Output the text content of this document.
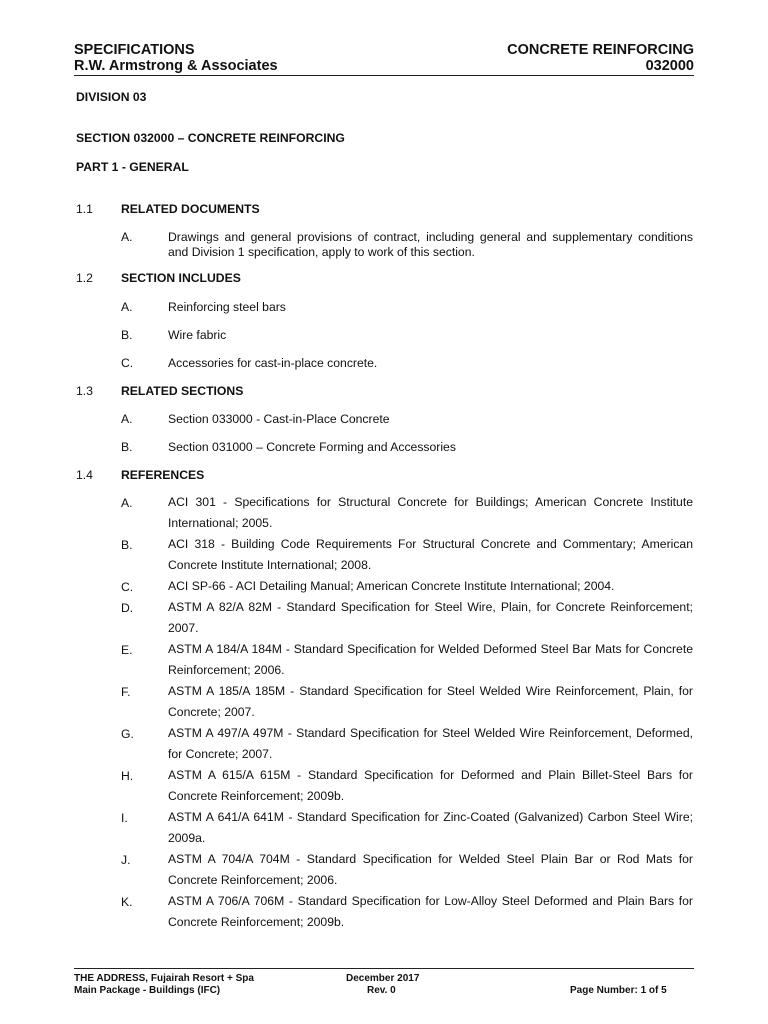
SPECIFICATIONS	CONCRETE REINFORCING
R.W. Armstrong & Associates	032000
DIVISION 03
SECTION 032000 – CONCRETE REINFORCING
PART 1 - GENERAL
1.1 RELATED DOCUMENTS
A.	Drawings and general provisions of contract, including general and supplementary conditions and Division 1 specification, apply to work of this section.
1.2 SECTION INCLUDES
A.	Reinforcing steel bars
B.	Wire fabric
C.	Accessories for cast-in-place concrete.
1.3 RELATED SECTIONS
A.	Section 033000 - Cast-in-Place Concrete
B.	Section 031000 – Concrete Forming and Accessories
1.4 REFERENCES
A.	ACI 301 - Specifications for Structural Concrete for Buildings; American Concrete Institute International; 2005.
B.	ACI 318 - Building Code Requirements For Structural Concrete and Commentary; American Concrete Institute International; 2008.
C.	ACI SP-66 - ACI Detailing Manual; American Concrete Institute International; 2004.
D.	ASTM A 82/A 82M - Standard Specification for Steel Wire, Plain, for Concrete Reinforcement; 2007.
E.	ASTM A 184/A 184M - Standard Specification for Welded Deformed Steel Bar Mats for Concrete Reinforcement; 2006.
F.	ASTM A 185/A 185M - Standard Specification for Steel Welded Wire Reinforcement, Plain, for Concrete; 2007.
G.	ASTM A 497/A 497M - Standard Specification for Steel Welded Wire Reinforcement, Deformed, for Concrete; 2007.
H.	ASTM A 615/A 615M - Standard Specification for Deformed and Plain Billet-Steel Bars for Concrete Reinforcement; 2009b.
I.	ASTM A 641/A 641M - Standard Specification for Zinc-Coated (Galvanized) Carbon Steel Wire; 2009a.
J.	ASTM A 704/A 704M - Standard Specification for Welded Steel Plain Bar or Rod Mats for Concrete Reinforcement; 2006.
K.	ASTM A 706/A 706M - Standard Specification for Low-Alloy Steel Deformed and Plain Bars for Concrete Reinforcement; 2009b.
THE ADDRESS, Fujairah Resort + Spa
Main Package - Buildings (IFC)
December 2017
Rev. 0	Page Number: 1 of 5
